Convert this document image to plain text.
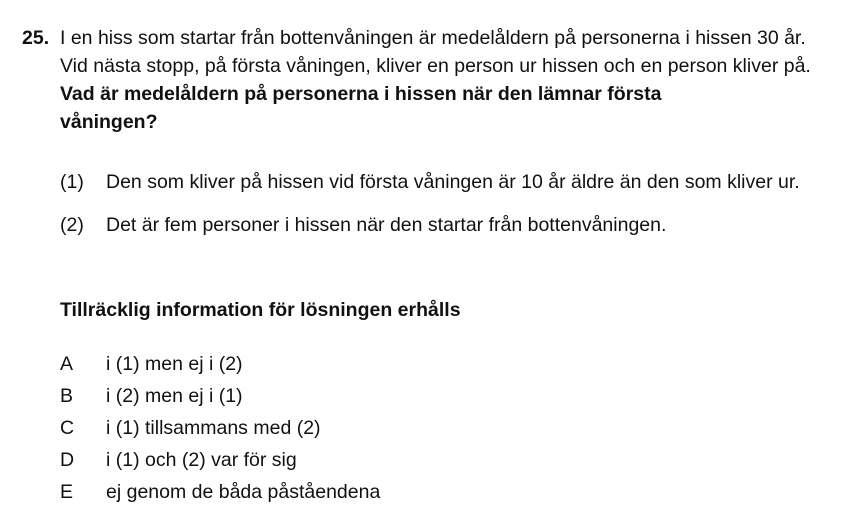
25. I en hiss som startar från bottenvåningen är medelåldern på personerna i hissen 30 år.
Vid nästa stopp, på första våningen, kliver en person ur hissen och en person kliver på.
Vad är medelåldern på personerna i hissen när den lämnar första
våningen?
(1) Den som kliver på hissen vid första våningen är 10 år äldre än den som kliver ur.
(2) Det är fem personer i hissen när den startar från bottenvåningen.
Tillräcklig information för lösningen erhålls
A i (1) men ej i (2)
B i (2) men ej i (1)
C i (1) tillsammans med (2)
D i (1) och (2) var för sig
E ej genom de båda påståendena
